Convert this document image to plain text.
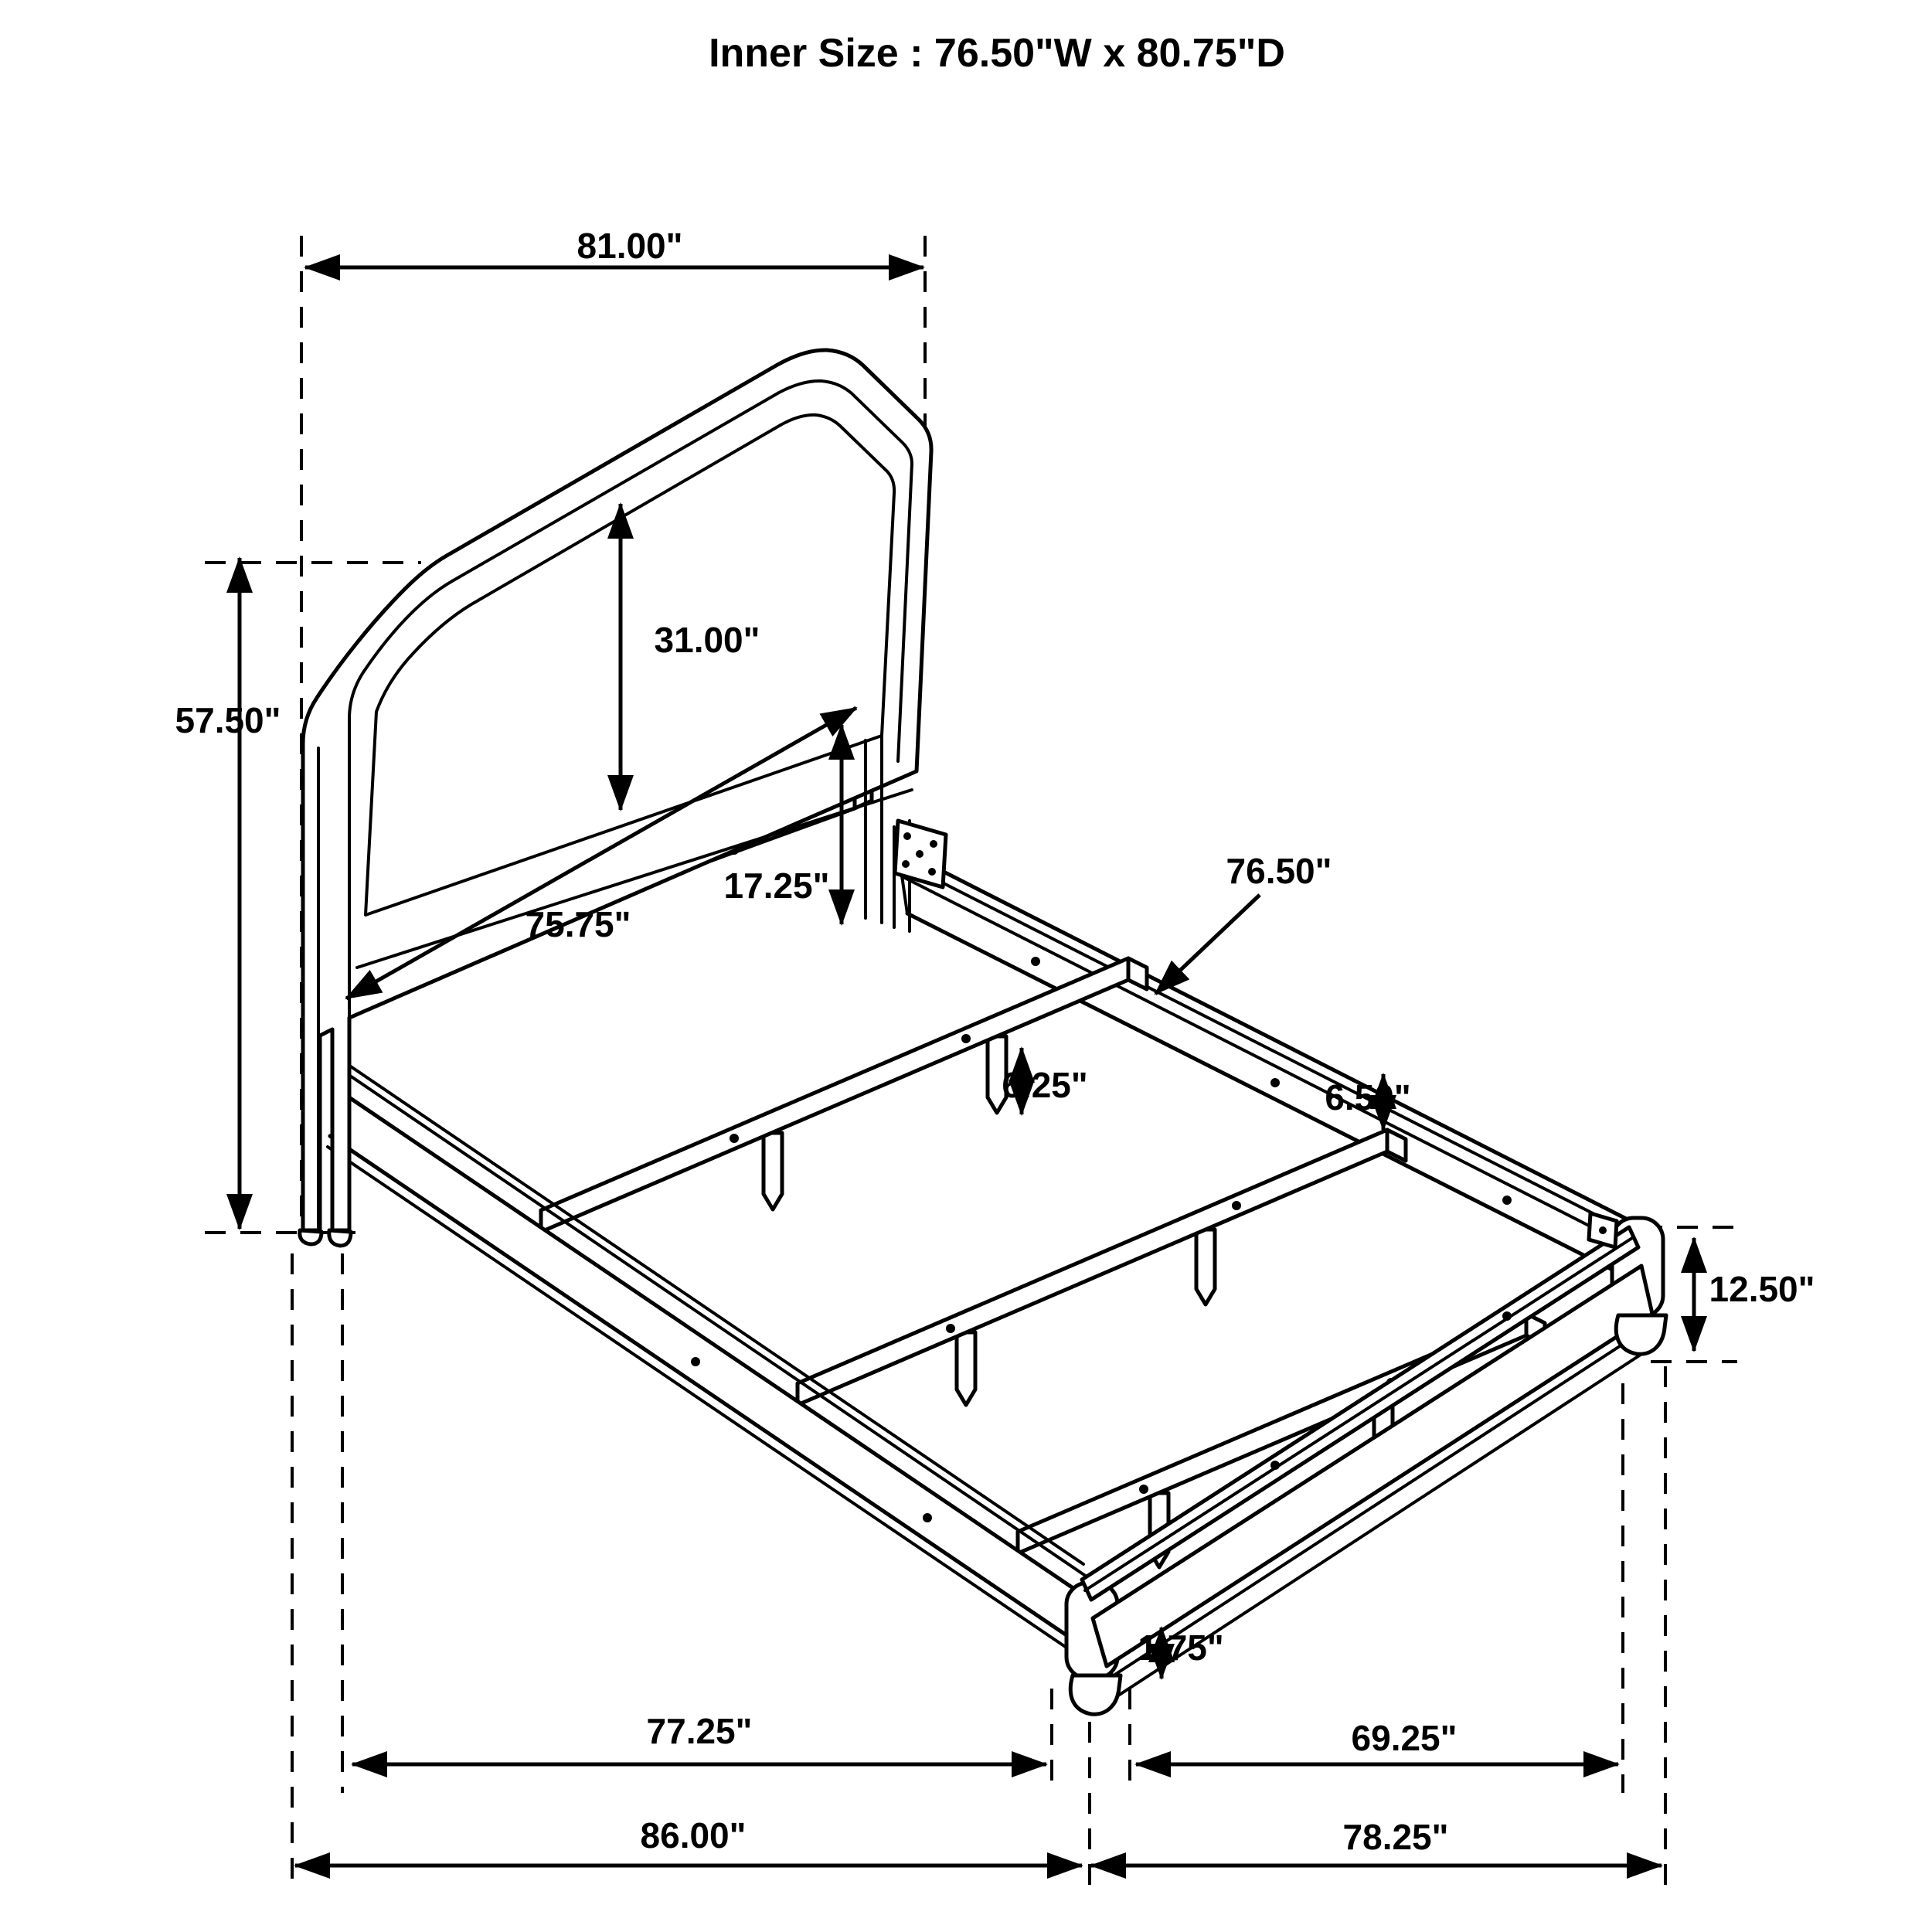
Inner Size : 76.50"W x 80.75"D
81.00"
57.50"
31.00"
17.25"
75.75"
76.50"
6.50"
6.25"
12.50"
1.75"
77.25"	69.25"
86.00"	78.25"
